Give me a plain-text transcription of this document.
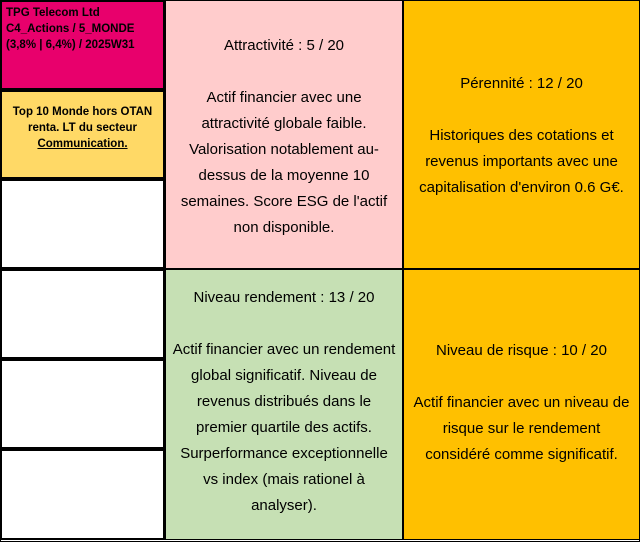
TPG Telecom Ltd
C4_Actions / 5_MONDE
(3,8% | 6,4%) / 2025W31
Top 10 Monde hors OTAN
renta. LT du secteur
Communication.
Attractivité : 5 / 20
Actif financier avec une attractivité globale faible. Valorisation notablement au-dessus de la moyenne 10 semaines. Score ESG de l'actif non disponible.
Pérennité : 12 / 20
Historiques des cotations et revenus importants avec une capitalisation d'environ 0.6 G€.
Niveau rendement : 13 / 20
Actif financier avec un rendement global significatif. Niveau de revenus distribués dans le premier quartile des actifs. Surperformance exceptionnelle vs index (mais rationel à analyser).
Niveau de risque : 10 / 20
Actif financier avec un niveau de risque sur le rendement considéré comme significatif.
